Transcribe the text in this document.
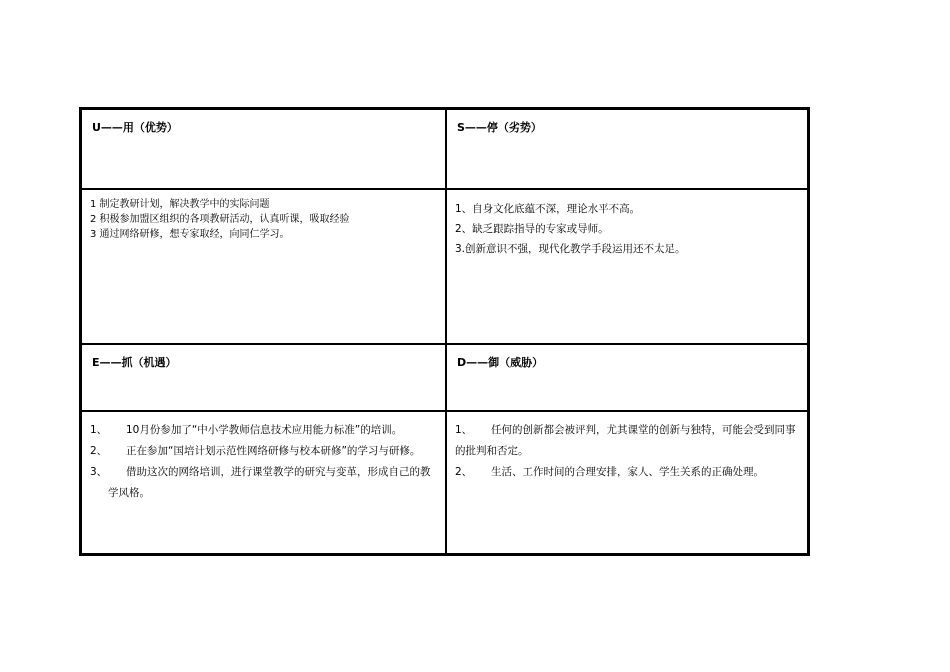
U——用（优势）	S——停（劣势）
1 制定教研计划，解决教学中的实际问题
2 积极参加盟区组织的各项教研活动，认真听课，吸取经验
3 通过网络研修，想专家取经，向同仁学习。
1、自身文化底蕴不深，理论水平不高。
2、缺乏跟踪指导的专家或导师。
3.创新意识不强，现代化教学手段运用还不太足。
E——抓（机遇）	D——御（威胁）
1、 10月份参加了“中小学教师信息技术应用能力标准”的培训。
2、 正在参加“国培计划示范性网络研修与校本研修”的学习与研修。
3、 借助这次的网络培训，进行课堂教学的研究与变革，形成自己的教学风格。
1、 任何的创新都会被评判，尤其课堂的创新与独特，可能会受到同事的批判和否定。
2、 生活、工作时间的合理安排，家人、学生关系的正确处理。
